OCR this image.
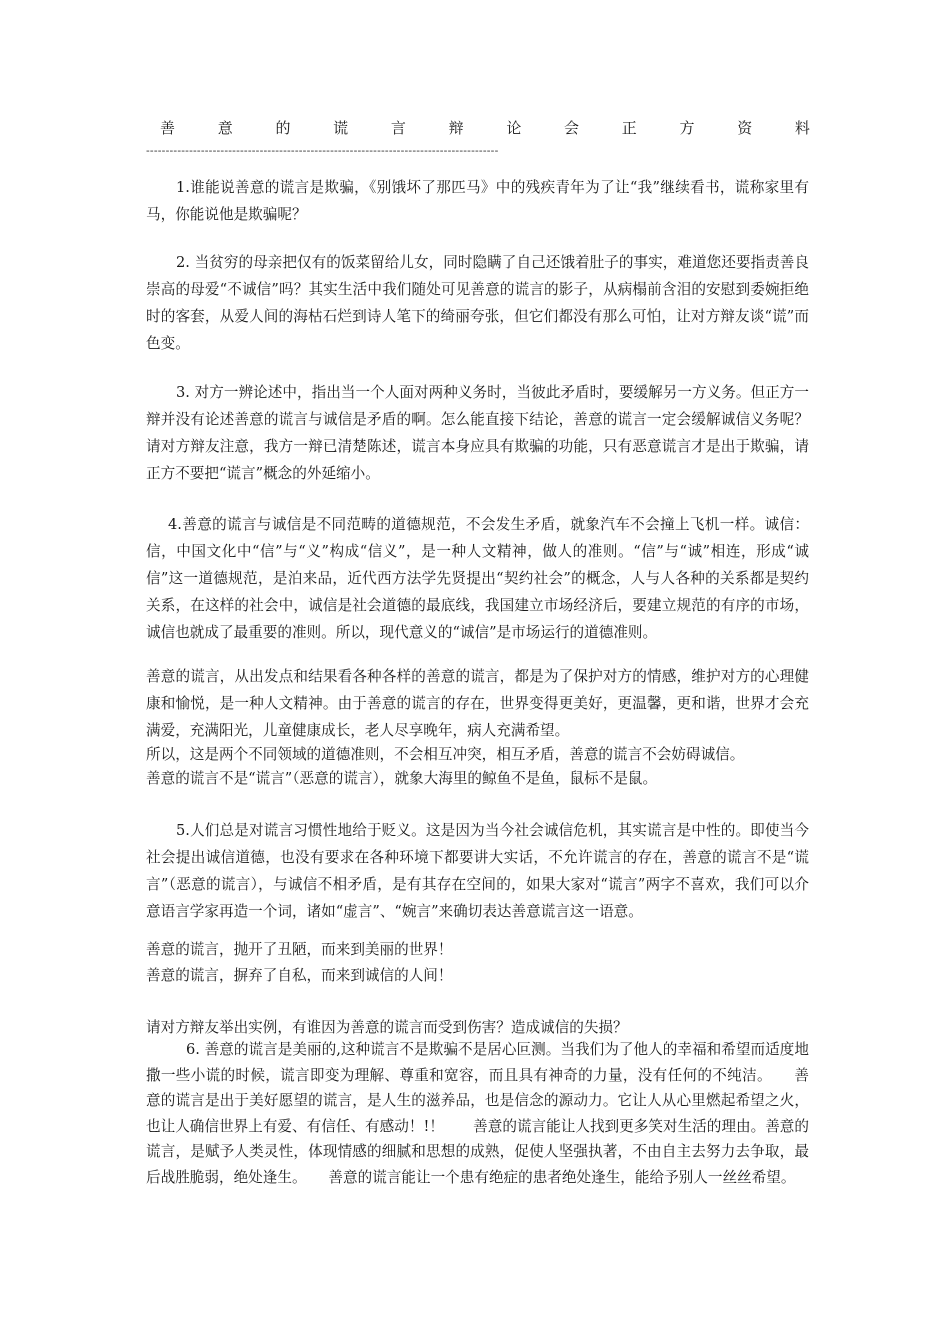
善	意	的	谎	言	辩	论	会	正	方	资	料
------------------------------------------------------------------------------------------

1.谁能说善意的谎言是欺骗，《别饿坏了那匹马》中的残疾青年为了让“我”继续看书，谎称家里有马，你能说他是欺骗呢？

2. 当贫穷的母亲把仅有的饭菜留给儿女，同时隐瞒了自己还饿着肚子的事实，难道您还要指责善良崇高的母爱“不诚信”吗？其实生活中我们随处可见善意的谎言的影子，从病榻前含泪的安慰到委婉拒绝时的客套，从爱人间的海枯石烂到诗人笔下的绮丽夸张，但它们都没有那么可怕，让对方辩友谈“谎”而色变。

3. 对方一辨论述中，指出当一个人面对两种义务时，当彼此矛盾时，要缓解另一方义务。但正方一辩并没有论述善意的谎言与诚信是矛盾的啊。怎么能直接下结论，善意的谎言一定会缓解诚信义务呢？请对方辩友注意，我方一辩已清楚陈述，谎言本身应具有欺骗的功能，只有恶意谎言才是出于欺骗，请正方不要把“谎言”概念的外延缩小。

4.善意的谎言与诚信是不同范畴的道德规范，不会发生矛盾，就象汽车不会撞上飞机一样。诚信：信，中国文化中“信”与“义”构成“信义”，是一种人文精神，做人的准则。“信”与“诚”相连，形成“诚信”这一道德规范，是泊来品，近代西方法学先贤提出“契约社会”的概念，人与人各种的关系都是契约关系，在这样的社会中，诚信是社会道德的最底线，我国建立市场经济后，要建立规范的有序的市场，诚信也就成了最重要的准则。所以，现代意义的“诚信”是市场运行的道德准则。

善意的谎言，从出发点和结果看各种各样的善意的谎言，都是为了保护对方的情感，维护对方的心理健康和愉悦，是一种人文精神。由于善意的谎言的存在，世界变得更美好，更温馨，更和谐，世界才会充满爱，充满阳光，儿童健康成长，老人尽享晚年，病人充满希望。

所以，这是两个不同领域的道德准则，不会相互冲突，相互矛盾，善意的谎言不会妨碍诚信。

善意的谎言不是“谎言”（恶意的谎言），就象大海里的鲸鱼不是鱼，鼠标不是鼠。

5.人们总是对谎言习惯性地给于贬义。这是因为当今社会诚信危机，其实谎言是中性的。即使当今社会提出诚信道德，也没有要求在各种环境下都要讲大实话，不允许谎言的存在，善意的谎言不是“谎言”（恶意的谎言），与诚信不相矛盾，是有其存在空间的，如果大家对“谎言”两字不喜欢，我们可以介意语言学家再造一个词，诸如“虚言”、“婉言”来确切表达善意谎言这一语意。

善意的谎言，抛开了丑陋，而来到美丽的世界！

善意的谎言，摒弃了自私，而来到诚信的人间！

请对方辩友举出实例，有谁因为善意的谎言而受到伤害？造成诚信的失损？

6. 善意的谎言是美丽的,这种谎言不是欺骗不是居心叵测。当我们为了他人的幸福和希望而适度地撒一些小谎的时候，谎言即变为理解、尊重和宽容，而且具有神奇的力量，没有任何的不纯洁。　　善意的谎言是出于美好愿望的谎言，是人生的滋养品，也是信念的源动力。它让人从心里燃起希望之火，也让人确信世界上有爱、有信任、有感动！!！　　善意的谎言能让人找到更多笑对生活的理由。善意的谎言，是赋予人类灵性，体现情感的细腻和思想的成熟，促使人坚强执著，不由自主去努力去争取，最后战胜脆弱，绝处逢生。　　善意的谎言能让一个患有绝症的患者绝处逢生，能给予别人一丝丝希望。
